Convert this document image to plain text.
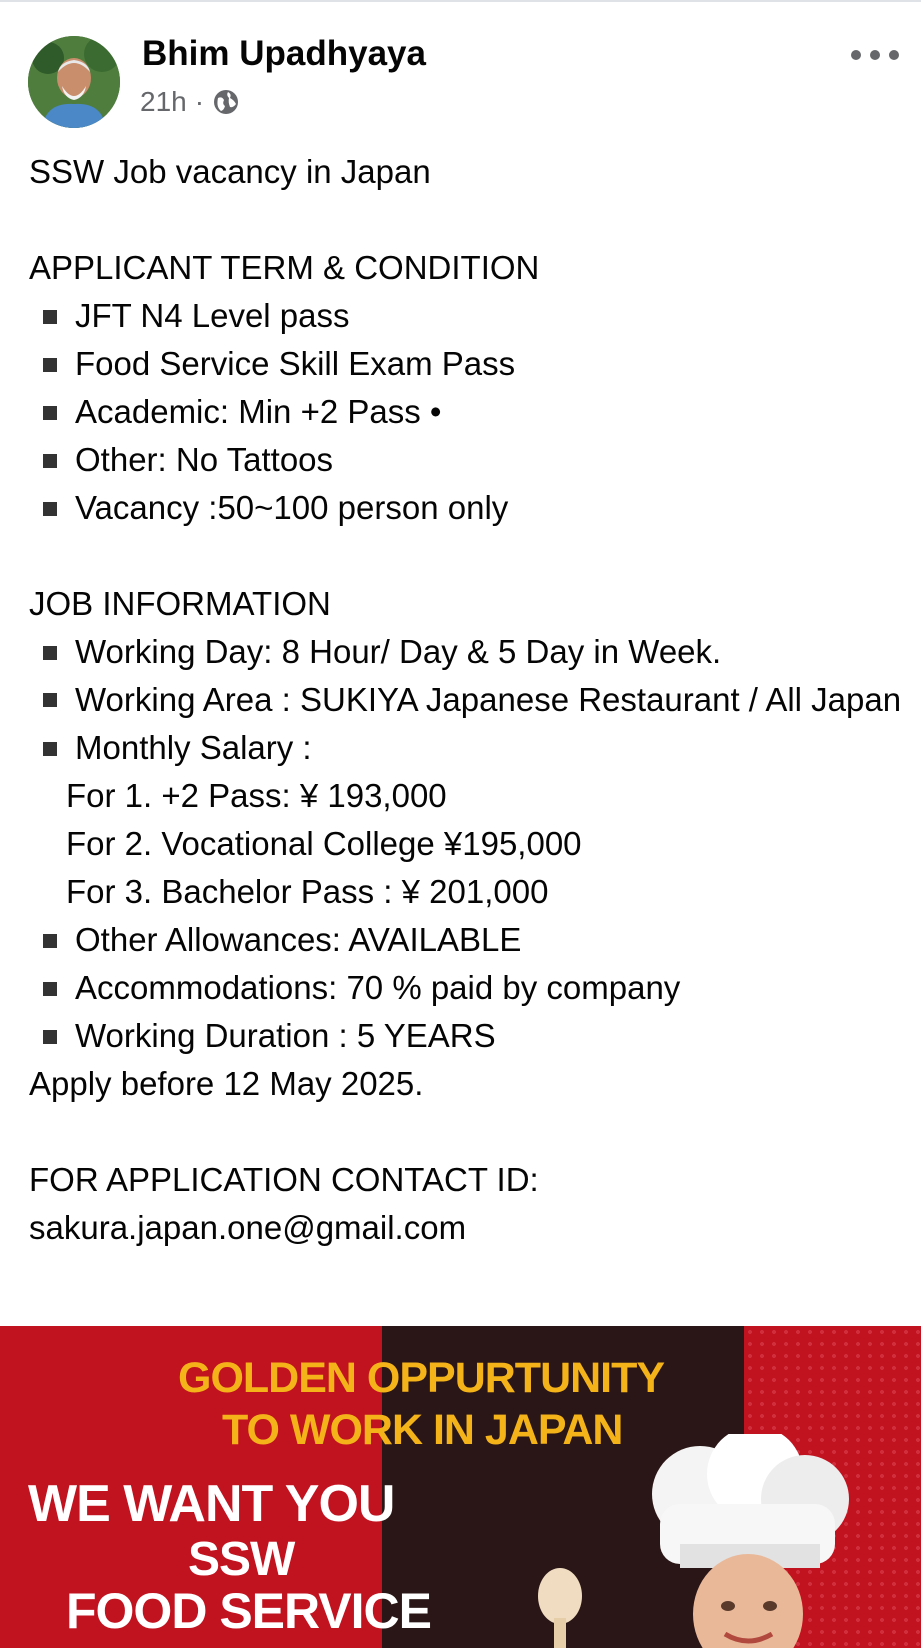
Bhim Upadhyaya
21h ·

SSW Job vacancy in Japan

APPLICANT TERM & CONDITION

JFT N4 Level pass
Food Service Skill Exam Pass
Academic: Min +2 Pass •
Other: No Tattoos
Vacancy :50~100 person only

JOB INFORMATION

Working Day: 8 Hour/ Day & 5 Day in Week.
Working Area : SUKIYA Japanese Restaurant / All Japan
Monthly Salary :
For 1. +2 Pass: ¥ 193,000
For 2. Vocational College ¥195,000
For 3. Bachelor Pass : ¥ 201,000
Other Allowances: AVAILABLE
Accommodations: 70 % paid by company
Working Duration : 5 YEARS

Apply before 12 May 2025.

FOR APPLICATION CONTACT ID:

sakura.japan.one@gmail.com

GOLDEN OPPURTUNITY
TO WORK IN JAPAN
WE WANT YOU
SSW
FOOD SERVICE
